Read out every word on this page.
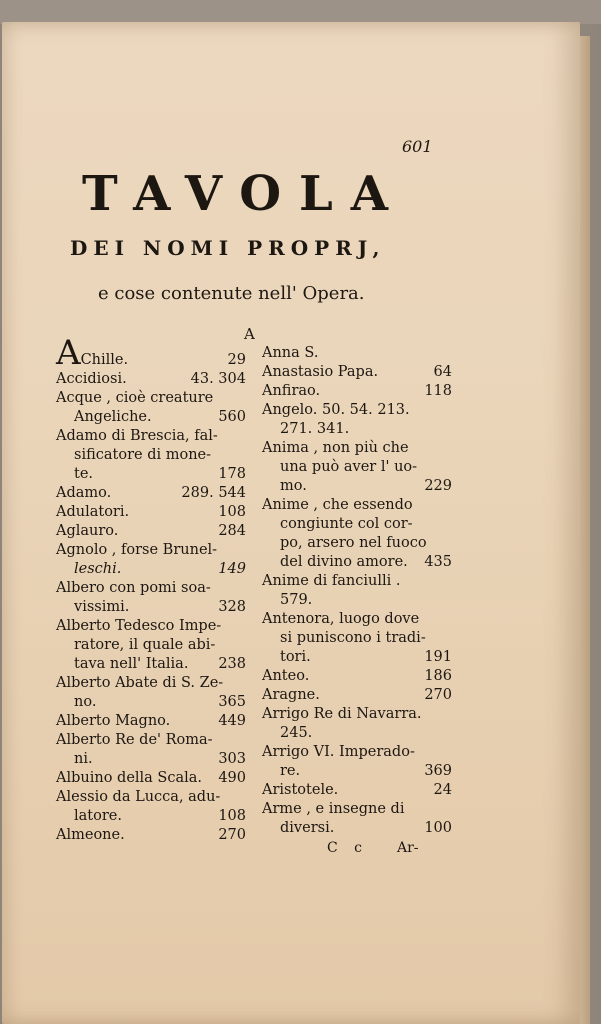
601
TAVOLA
DEI NOMI PROPRJ,
e cose contenute nell' Opera.
A
AChille.	29
Accidiosi.	43. 304
Acque , cioè creature
Angeliche.	560
Adamo di Brescia, fal-
sificatore di mone-
te.	178
Adamo.	289. 544
Adulatori.	108
Aglauro.	284
Agnolo , forse Brunel-
leschi.	149
Albero con pomi soa-
vissimi.	328
Alberto Tedesco Impe-
ratore, il quale abi-
tava nell' Italia.	238
Alberto Abate di S. Ze-
no.	365
Alberto Magno.	449
Alberto Re de' Roma-
ni.	303
Albuino della Scala.	490
Alessio da Lucca, adu-
latore.	108
Almeone.	270
Anna S.
Anastasio Papa.	64
Anfirao.	118
Angelo. 50. 54. 213.
271. 341.
Anima , non più che
una può aver l' uo-
mo.	229
Anime , che essendo
congiunte col cor-
po, arsero nel fuoco
del divino amore.	435
Anime di fanciulli .
579.
Antenora, luogo dove
si puniscono i tradi-
tori.	191
Anteo.	186
Aragne.	270
Arrigo Re di Navarra.
245.
Arrigo VI. Imperado-
re.	369
Aristotele.	24
Arme , e insegne di
diversi.	100
C c Ar-
